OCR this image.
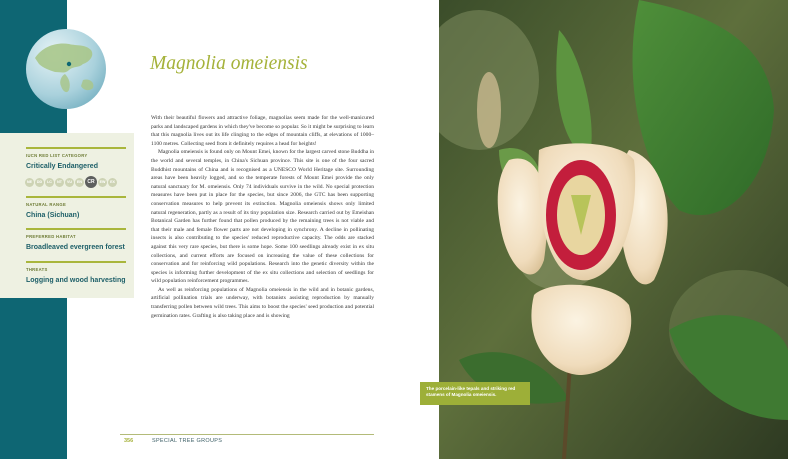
IUCN RED LIST CATEGORY
Critically Endangered
NE	DD	LC	NT	VU	EN	CR	EW	EX
NATURAL RANGE
China (Sichuan)
PREFERRED HABITAT
Broadleaved evergreen forest
THREATS
Logging and wood harvesting
Magnolia omeiensis

With their beautiful flowers and attractive foliage, magnolias seem made for the well-manicured parks and landscaped gardens in which they've become so popular. So it might be surprising to learn that this magnolia lives out its life clinging to the edges of mountain cliffs, at elevations of 1000–1100 metres. Collecting seed from it definitely requires a head for heights!

Magnolia omeiensis is found only on Mount Emei, known for the largest carved stone Buddha in the world and several temples, in China's Sichuan province. This site is one of the four sacred Buddhist mountains of China and is recognised as a UNESCO World Heritage site. Surrounding areas have been heavily logged, and so the temperate forests of Mount Emei provide the only natural sanctuary for M. omeiensis. Only 74 individuals survive in the wild. No special protection measures have been put in place for the species, but since 2006, the GTC has been supporting conservation measures to help prevent its extinction. Magnolia omeiensis shows only limited natural regeneration, partly as a result of its tiny population size. Research carried out by Emeishan Botanical Garden has further found that pollen produced by the remaining trees is not viable and that their male and female flower parts are not developing in synchrony. A decline in pollinating insects is also contributing to the species' reduced reproductive capacity. The odds are stacked against this very rare species, but there is some hope. Some 100 seedlings already exist in ex situ collections, and current efforts are focused on increasing the value of these collections for conservation and for reinforcing wild populations. Research into the genetic diversity within the species is informing further development of the ex situ collections and selection of seedlings for wild population reinforcement programmes.

As well as reinforcing populations of Magnolia omeiensis in the wild and in botanic gardens, artificial pollination trials are underway, with botanists assisting reproduction by manually transferring pollen between wild trees. This aims to boost the species' seed production and potential germination rates. Grafting is also taking place and is showing

356	SPECIAL TREE GROUPS
The porcelain-like tepals and striking red stamens of Magnolia omeiensis.
